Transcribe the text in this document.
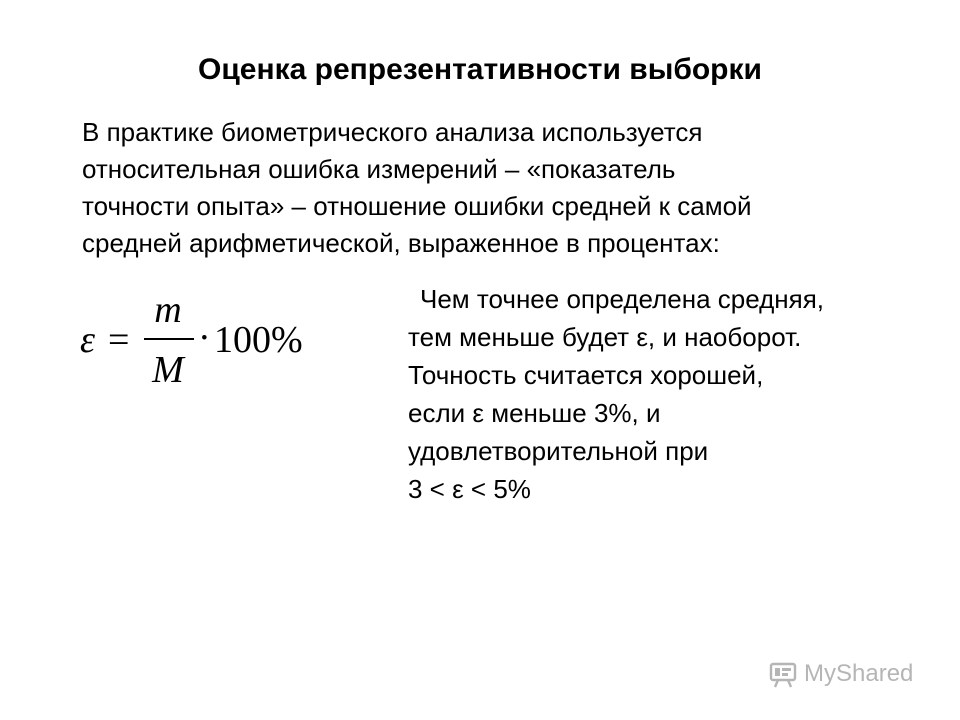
Оценка репрезентативности выборки

В практике биометрического анализа используется
относительная ошибка измерений – «показатель
точности опыта» – отношение ошибки средней к самой
средней арифметической, выраженное в процентах:

ε =
m
M
· 100%

Чем точнее определена средняя,
тем меньше будет ε, и наоборот.
Точность считается хорошей,
если ε меньше 3%, и
удовлетворительной при
3 < ε < 5%

MyShared
